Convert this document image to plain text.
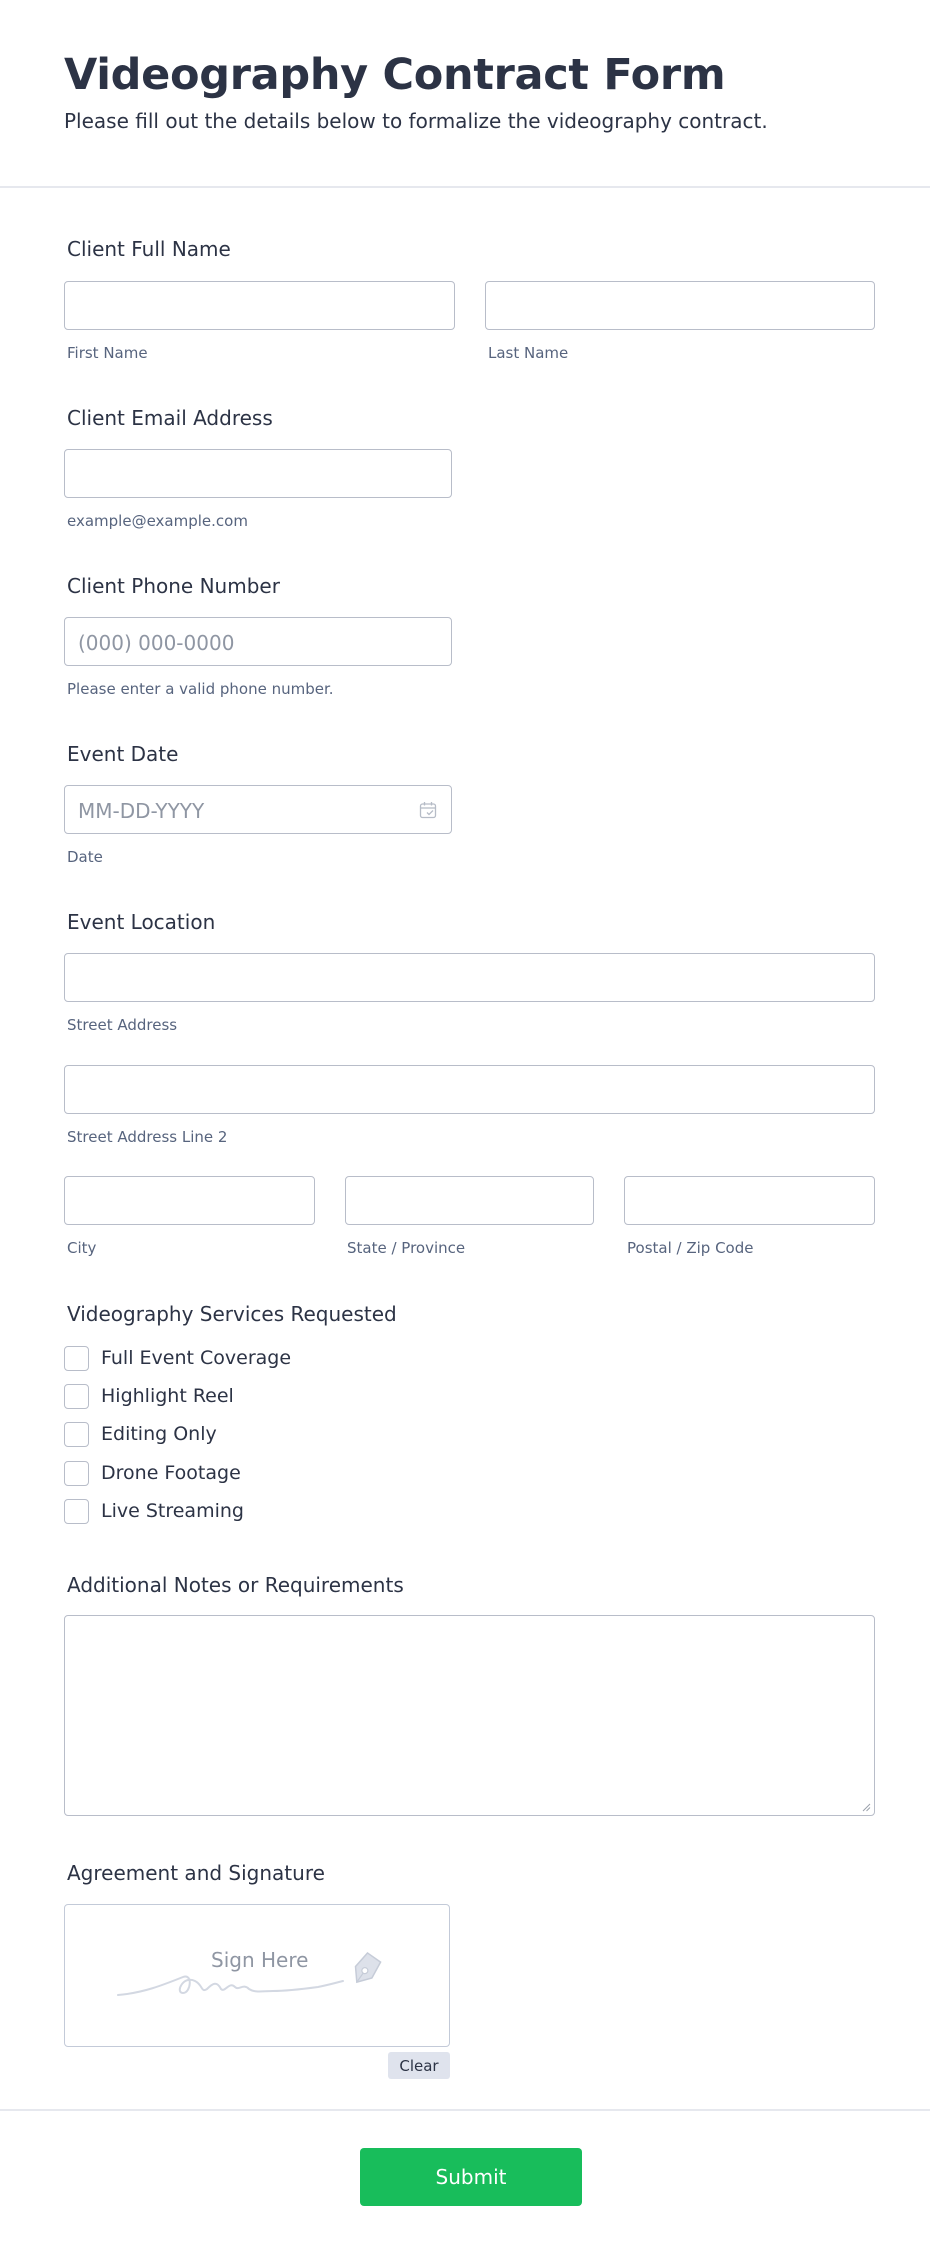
Videography Contract Form
Please fill out the details below to formalize the videography contract.
Client Full Name
First Name	Last Name
Client Email Address
example@example.com
Client Phone Number
(000) 000-0000
Please enter a valid phone number.
Event Date
MM-DD-YYYY
Date
Event Location
Street Address
Street Address Line 2
City	State / Province	Postal / Zip Code
Videography Services Requested
Full Event Coverage
Highlight Reel
Editing Only
Drone Footage
Live Streaming
Additional Notes or Requirements
Agreement and Signature
Sign Here
Clear
Submit
